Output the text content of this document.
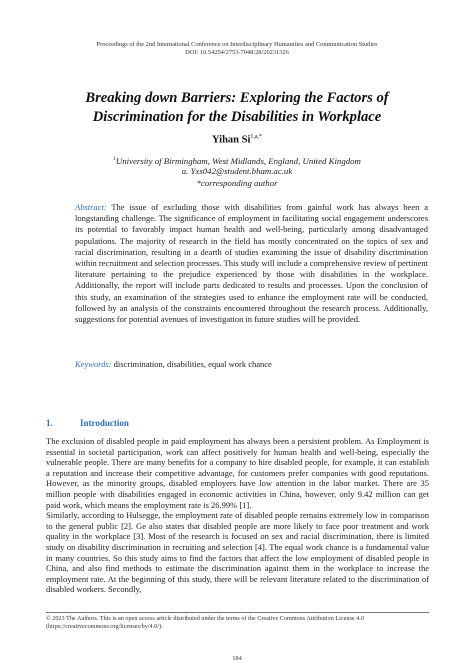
Proceedings of the 2nd International Conference on Interdisciplinary Humanities and Communication Studies
DOI: 10.54254/2753-7048/28/20231326
Breaking down Barriers: Exploring the Factors of
Discrimination for the Disabilities in Workplace
Yihan $Si^{1,a,*}$
$^1$University of Birmingham, West Midlands, England, United Kingdom
a. Yxs042@student.bham.ac.uk
*corresponding author
Abstract: The issue of excluding those with disabilities from gainful work has always been a longstanding challenge. The significance of employment in facilitating social engagement underscores its potential to favorably impact human health and well-being, particularly among disadvantaged populations. The majority of research in the field has mostly concentrated on the topics of sex and racial discrimination, resulting in a dearth of studies examining the issue of disability discrimination within recruitment and selection processes. This study will include a comprehensive review of pertinent literature pertaining to the prejudice experienced by those with disabilities in the workplace. Additionally, the report will include parts dedicated to results and processes. Upon the conclusion of this study, an examination of the strategies used to enhance the employment rate will be conducted, followed by an analysis of the constraints encountered throughout the research process. Additionally, suggestions for potential avenues of investigation in future studies will be provided.
Keywords: discrimination, disabilities, equal work chance
1.	Introduction

The exclusion of disabled people in paid employment has always been a persistent problem. As Employment is essential in societal participation, work can affect positively for human health and well-being, especially the vulnerable people. There are many benefits for a company to hire disabled people, for example, it can establish a reputation and increase their competitive advantage, for customers prefer companies with good reputations. However, as the minority groups, disabled employers have low attention in the labor market. There are 35 million people with disabilities engaged in economic activities in China, however, only 9.42 million can get paid work, which means the employment rate is 26.99% [1].

Similarly, according to Hulsegge, the employment rate of disabled people remains extremely low in comparison to the general public [2]. Ge also states that disabled people are more likely to face poor treatment and work quality in the workplace [3]. Most of the research is focused on sex and racial discrimination, there is limited study on disability discrimination in recruiting and selection [4]. The equal work chance is a fundamental value in many countries. So this study aims to find the factors that affect the low employment of disabled people in China, and also find methods to estimate the discrimination against them in the workplace to increase the employment rate. At the beginning of this study, there will be relevant literature related to the discrimination of disabled workers. Secondly,

© 2023 The Authors. This is an open access article distributed under the terms of the Creative Commons Attribution License 4.0 (https://creativecommons.org/licenses/by/4.0/).
184
